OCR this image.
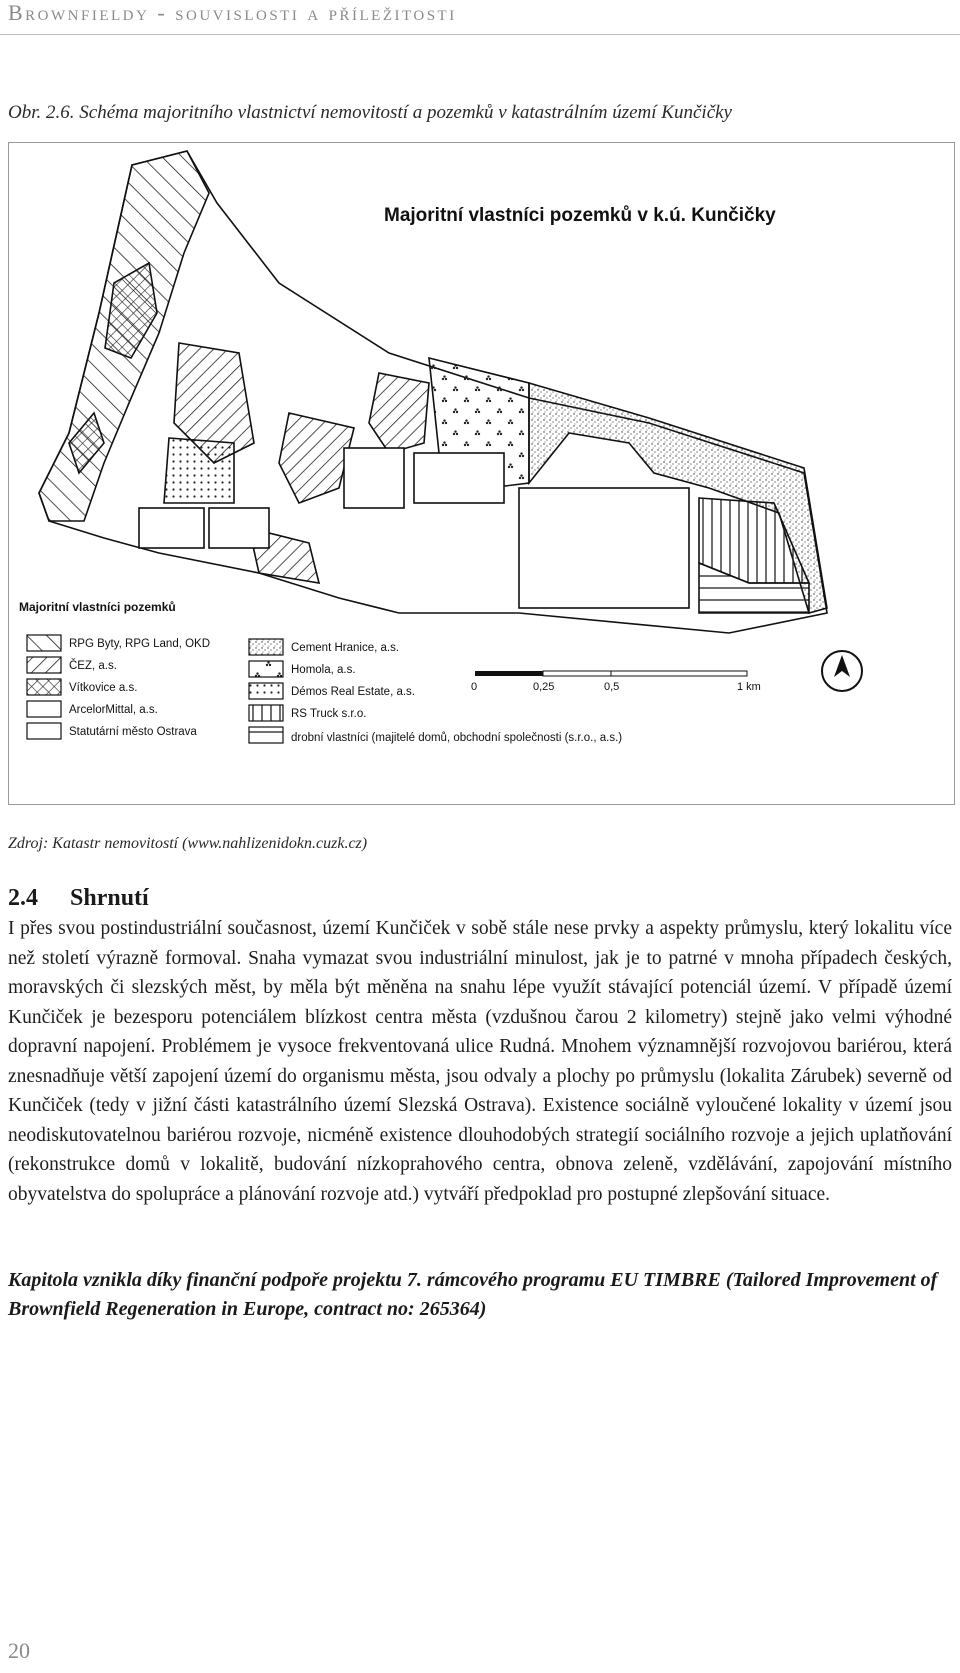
Brownfieldy - souvislosti a příležitosti
Obr. 2.6. Schéma majoritního vlastnictví nemovitostí a pozemků v katastrálním území Kunčičky
Majoritní vlastníci pozemků v k.ú. Kunčičky
Majoritní vlastníci pozemků
RPG Byty, RPG Land, OKD
ČEZ, a.s.
Vítkovice a.s.
ArcelorMittal, a.s.
Statutární město Ostrava
Cement Hranice, a.s.
Homola, a.s.
Démos Real Estate, a.s.
RS Truck s.r.o.
drobní vlastníci (majitelé domů, obchodní společnosti (s.r.o., a.s.)
0	0,25	0,5	1 km
Zdroj: Katastr nemovitostí (www.nahlizenidokn.cuzk.cz)
2.4 Shrnutí
I přes svou postindustriální současnost, území Kunčiček v sobě stále nese prvky a aspekty průmyslu, který lokalitu více než století výrazně formoval. Snaha vymazat svou industriální minulost, jak je to patrné v mnoha případech českých, moravských či slezských měst, by měla být měněna na snahu lépe využít stávající potenciál území. V případě území Kunčiček je bezesporu potenciálem blízkost centra města (vzdušnou čarou 2 kilometry) stejně jako velmi výhodné dopravní napojení. Problémem je vysoce frekventovaná ulice Rudná. Mnohem významnější rozvojovou bariérou, která znesnadňuje větší zapojení území do organismu města, jsou odvaly a plochy po průmyslu (lokalita Zárubek) severně od Kunčiček (tedy v jižní části katastrálního území Slezská Ostrava). Existence sociálně vyloučené lokality v území jsou neodiskutovatelnou bariérou rozvoje, nicméně existence dlouhodobých strategií sociálního rozvoje a jejich uplatňování (rekonstrukce domů v lokalitě, budování nízkoprahového centra, obnova zeleně, vzdělávání, zapojování místního obyvatelstva do spolupráce a plánování rozvoje atd.) vytváří předpoklad pro postupné zlepšování situace.
Kapitola vznikla díky finanční podpoře projektu 7. rámcového programu EU TIMBRE (Tailored Improvement of Brownfield Regeneration in Europe, contract no: 265364)
20
